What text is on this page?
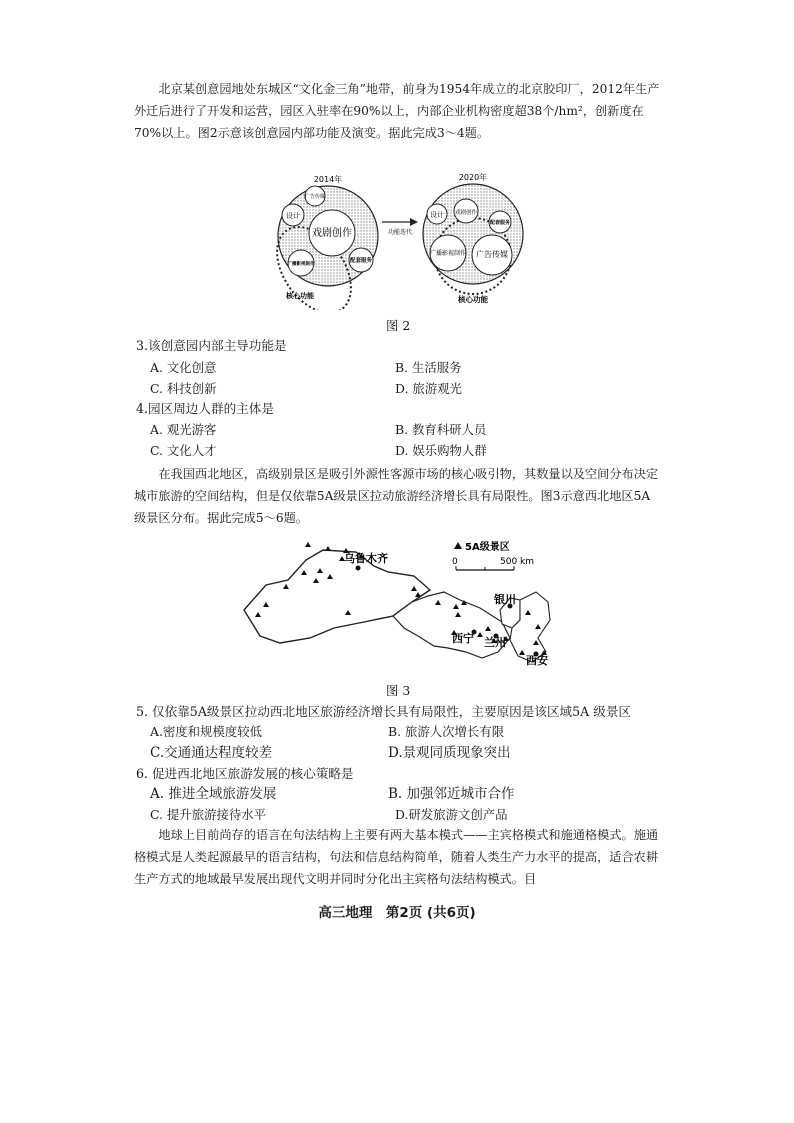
北京某创意园地处东城区“文化金三角”地带，前身为1954年成立的北京胶印厂，2012年生产外迁后进行了开发和运营，园区入驻率在90%以上，内部企业机构密度超38个/hm²，创新度在70%以上。图2示意该创意园内部功能及演变。据此完成3～4题。

2014年
设计
广告传媒
戏剧创作
广播影视制作
配套服务
核心功能
功能迭代
2020年
设计 戏剧创作
配套服务
广播影视制作 广告传媒
核心功能
图 2
3.该创意园内部主导功能是
A. 文化创意	B. 生活服务
C. 科技创新	D. 旅游观光
4.园区周边人群的主体是
A. 观光游客	B. 教育科研人员
C. 文化人才	D. 娱乐购物人群

在我国西北地区，高级别景区是吸引外源性客源市场的核心吸引物，其数量以及空间分布决定城市旅游的空间结构，但是仅依靠5A级景区拉动旅游经济增长具有局限性。图3示意西北地区5A级景区分布。据此完成5～6题。

乌鲁木齐
银川
西宁 兰州
西安
5A级景区
0	500 km
图 3
5. 仅依靠5A级景区拉动西北地区旅游经济增长具有局限性，主要原因是该区域5A 级景区
A.密度和规模度较低	B. 旅游人次增长有限
C.交通通达程度较差	D.景观同质现象突出
6. 促进西北地区旅游发展的核心策略是
A. 推进全域旅游发展	B. 加强邻近城市合作
C. 提升旅游接待水平	D.研发旅游文创产品

地球上目前尚存的语言在句法结构上主要有两大基本模式——主宾格模式和施通格模式。施通格模式是人类起源最早的语言结构，句法和信息结构简单，随着人类生产力水平的提高，适合农耕生产方式的地域最早发展出现代文明并同时分化出主宾格句法结构模式。目

高三地理　第2页 (共6页)
